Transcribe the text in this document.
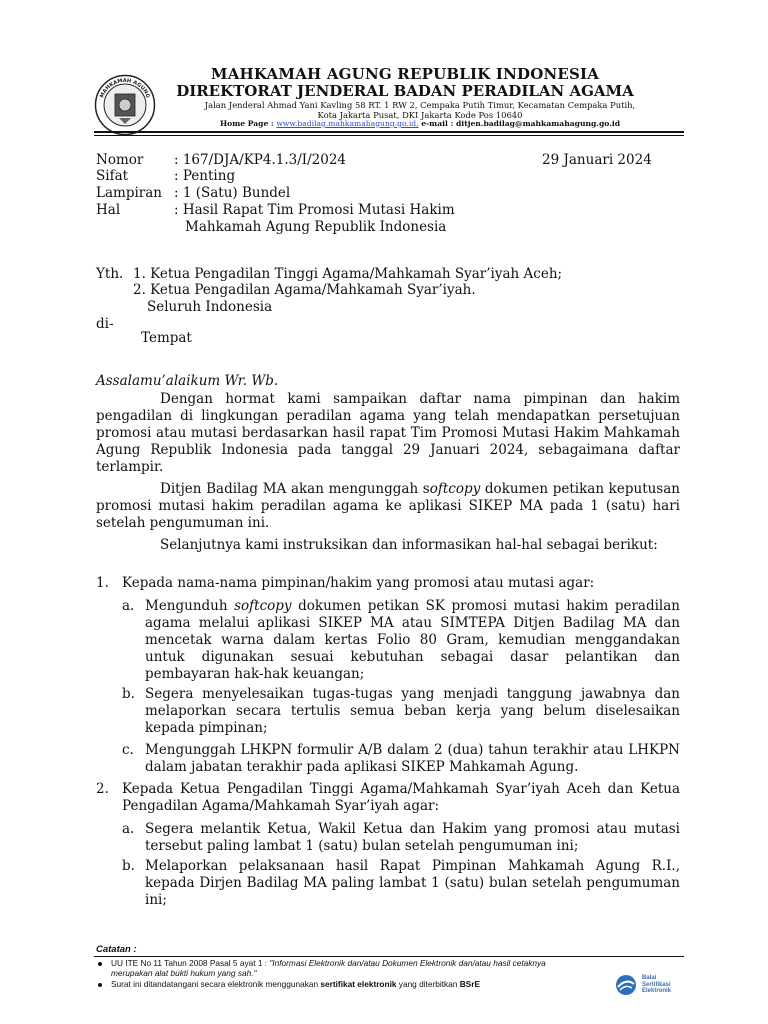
MAHKAMAH AGUNG
MAHKAMAH AGUNG REPUBLIK INDONESIA
DIREKTORAT JENDERAL BADAN PERADILAN AGAMA
Jalan Jenderal Ahmad Yani Kavling 58 RT. 1 RW 2, Cempaka Putih Timur, Kecamatan Cempaka Putih,
Kota Jakarta Pusat, DKI Jakarta Kode Pos 10640
Home Page : www.badilag.mahkamahagung.go.id, e-mail : ditjen.badilag@mahkamahagung.go.id
Nomor : 167/DJA/KP4.1.3/I/2024	29 Januari 2024
Sifat	: Penting
Lampiran : 1 (Satu) Bundel
Hal	: Hasil Rapat Tim Promosi Mutasi Hakim
Mahkamah Agung Republik Indonesia
Yth. 1. Ketua Pengadilan Tinggi Agama/Mahkamah Syar’iyah Aceh;
2. Ketua Pengadilan Agama/Mahkamah Syar’iyah.
Seluruh Indonesia
di-
Tempat
Assalamu’alaikum Wr. Wb.
Dengan hormat kami sampaikan daftar nama pimpinan dan hakim pengadilan di lingkungan peradilan agama yang telah mendapatkan persetujuan promosi atau mutasi berdasarkan hasil rapat Tim Promosi Mutasi Hakim Mahkamah Agung Republik Indonesia pada tanggal 29 Januari 2024, sebagaimana daftar terlampir.
Ditjen Badilag MA akan mengunggah softcopy dokumen petikan keputusan promosi mutasi hakim peradilan agama ke aplikasi SIKEP MA pada 1 (satu) hari setelah pengumuman ini.
Selanjutnya kami instruksikan dan informasikan hal-hal sebagai berikut:
1. Kepada nama-nama pimpinan/hakim yang promosi atau mutasi agar:
a. Mengunduh softcopy dokumen petikan SK promosi mutasi hakim peradilan agama melalui aplikasi SIKEP MA atau SIMTEPA Ditjen Badilag MA dan mencetak warna dalam kertas Folio 80 Gram, kemudian menggandakan untuk digunakan sesuai kebutuhan sebagai dasar pelantikan dan pembayaran hak-hak keuangan;
b. Segera menyelesaikan tugas-tugas yang menjadi tanggung jawabnya dan melaporkan secara tertulis semua beban kerja yang belum diselesaikan kepada pimpinan;
c. Mengunggah LHKPN formulir A/B dalam 2 (dua) tahun terakhir atau LHKPN dalam jabatan terakhir pada aplikasi SIKEP Mahkamah Agung.
2. Kepada Ketua Pengadilan Tinggi Agama/Mahkamah Syar’iyah Aceh dan Ketua Pengadilan Agama/Mahkamah Syar’iyah agar:
a. Segera melantik Ketua, Wakil Ketua dan Hakim yang promosi atau mutasi tersebut paling lambat 1 (satu) bulan setelah pengumuman ini;
b. Melaporkan pelaksanaan hasil Rapat Pimpinan Mahkamah Agung R.I., kepada Dirjen Badilag MA paling lambat 1 (satu) bulan setelah pengumuman ini;
Catatan :
UU ITE No 11 Tahun 2008 Pasal 5 ayat 1 : "Informasi Elektronik dan/atau Dokumen Elektronik dan/atau hasil cetaknya
merupakan alat bukti hukum yang sah."
Surat ini ditandatangani secara elektronik menggunakan sertifikat elektronik yang diterbitkan BSrE
Balai
Sertifikasi
Elektronik
